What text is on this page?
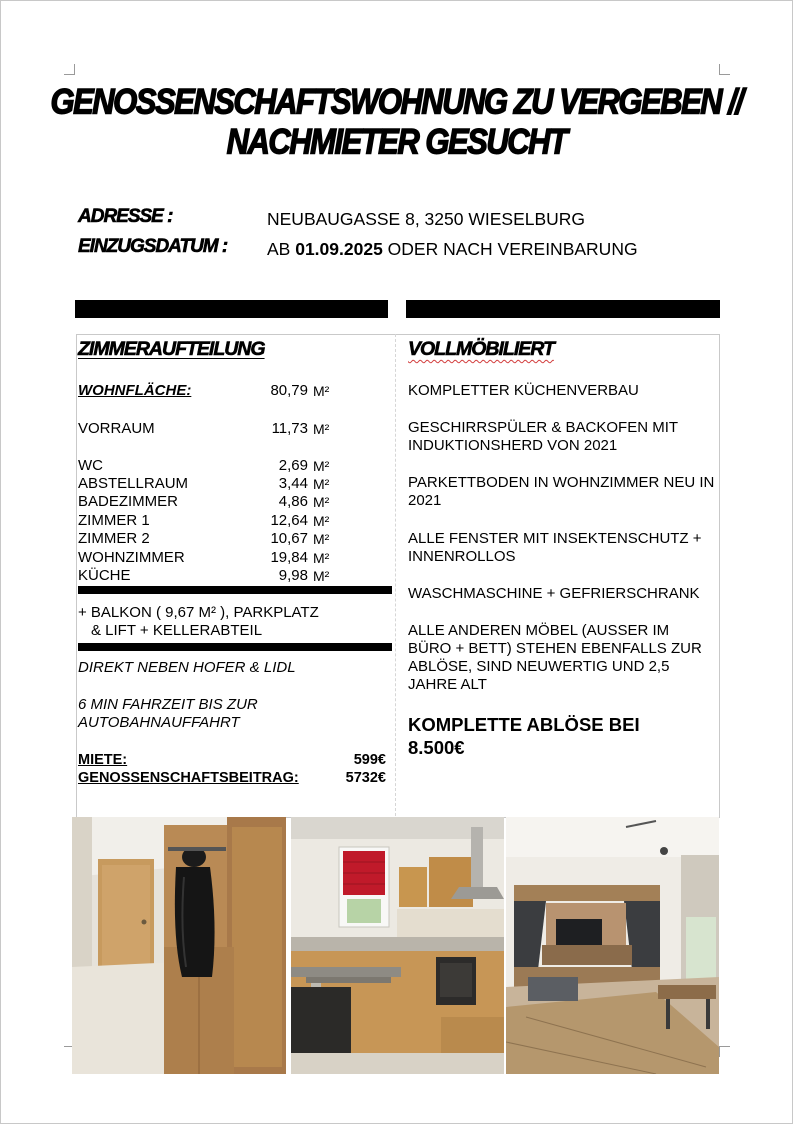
GENOSSENSCHAFTSWOHNUNG ZU VERGEBEN //
NACHMIETER GESUCHT
ADRESSE :	NEUBAUGASSE 8, 3250 WIESELBURG
EINZUGSDATUM : AB 01.09.2025 ODER NACH VEREINBARUNG
ZIMMERAUFTEILUNG
WOHNFLÄCHE:	80,79 M²
VORRAUM	11,73 M²
WC	2,69 M²
ABSTELLRAUM	3,44 M²
BADEZIMMER	4,86 M²
ZIMMER 1	12,64 M²
ZIMMER 2	10,67 M²
WOHNZIMMER	19,84 M²
KÜCHE	9,98 M²
+ BALKON ( 9,67 M² ), PARKPLATZ
& LIFT + KELLERABTEIL
DIREKT NEBEN HOFER & LIDL
6 MIN FAHRZEIT BIS ZUR
AUTOBAHNAUFFAHRT
MIETE:	599€
GENOSSENSCHAFTSBEITRAG:	5732€
VOLLMÖBILIERT
KOMPLETTER KÜCHENVERBAU
GESCHIRRSPÜLER & BACKOFEN MIT INDUKTIONSHERD VON 2021
PARKETTBODEN IN WOHNZIMMER NEU IN 2021
ALLE FENSTER MIT INSEKTENSCHUTZ + INNENROLLOS
WASCHMASCHINE + GEFRIERSCHRANK
ALLE ANDEREN MÖBEL (AUSSER IM BÜRO + BETT) STEHEN EBENFALLS ZUR ABLÖSE, SIND NEUWERTIG UND 2,5 JAHRE ALT
KOMPLETTE ABLÖSE BEI
8.500€
